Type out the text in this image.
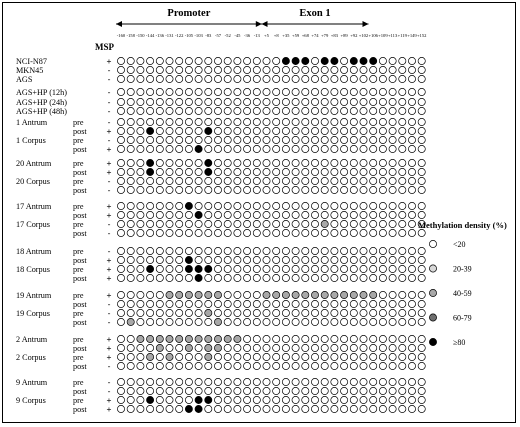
Promoter	Exon 1
-160 -158 -150 -144 -136 -131 -122 -105 -103 -83 -57 -52 -45 -36 -13 +5 +8 +35 +59 +68 +74 +79 +83 +89 +92 +102 +106 +109 +113 +119 +149 +152
MSP
NCI-N87	+
MKN45	-
AGS	-
AGS+HP (12h)	-
AGS+HP (24h)	-
AGS+HP (48h)	-
1 Antrum	pre	-
post +
1 Corpus	pre	-
post +
20 Antrum	pre	+
post +
20 Corpus	pre	-
post -
17 Antrum	pre	+
post +
17 Corpus	pre	-
post -
18 Antrum	pre	-
post +
18 Corpus	pre	+
post +
19 Antrum	pre	+
post -
19 Corpus	pre	-
post -
2 Antrum	pre	+
post +
2 Corpus	pre	+
post -
9 Antrum	pre	-
post -
9 Corpus	pre	+
post +
Methylation density (%)
<20
20-39
40-59
60-79
≥80
